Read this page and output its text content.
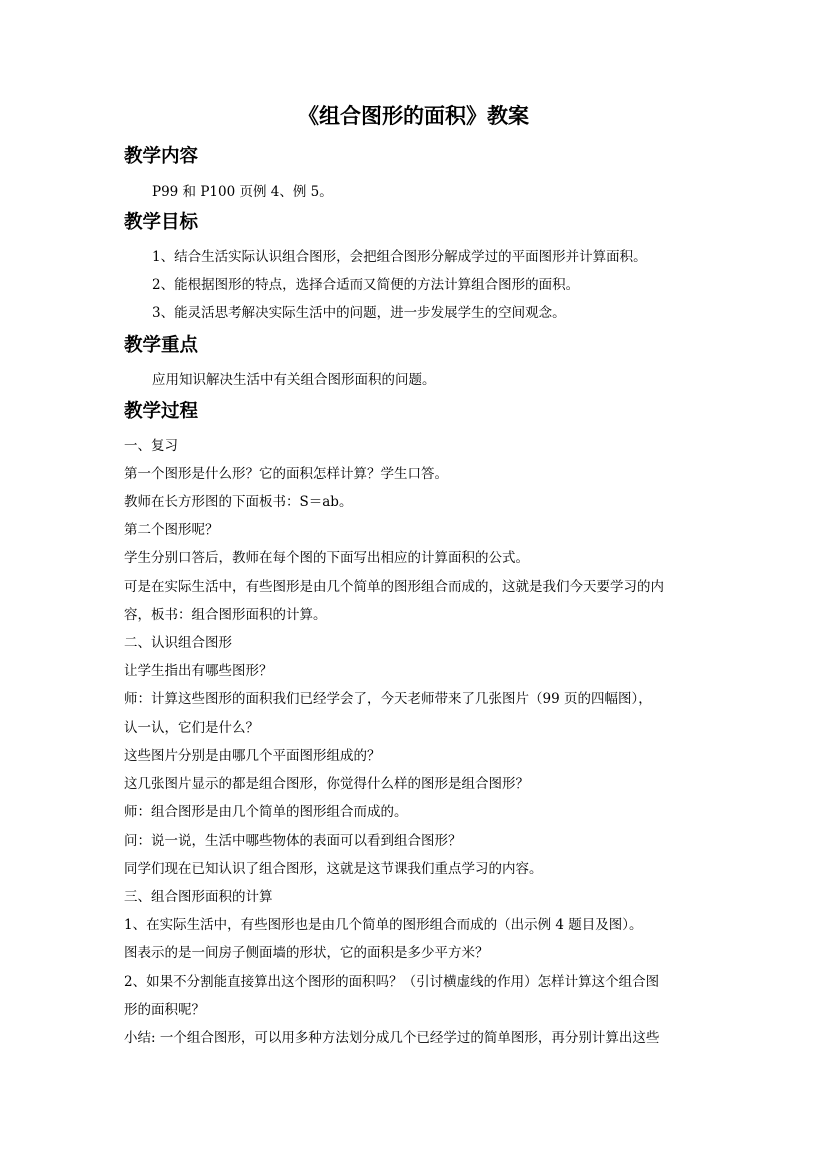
《组合图形的面积》教案
教学内容
P99 和 P100 页例 4、例 5。
教学目标
1、结合生活实际认识组合图形，会把组合图形分解成学过的平面图形并计算面积。
2、能根据图形的特点，选择合适而又简便的方法计算组合图形的面积。
3、能灵活思考解决实际生活中的问题，进一步发展学生的空间观念。
教学重点
应用知识解决生活中有关组合图形面积的问题。
教学过程
一、复习
第一个图形是什么形？它的面积怎样计算？学生口答。
教师在长方形图的下面板书：S＝ab。
第二个图形呢？
学生分别口答后，教师在每个图的下面写出相应的计算面积的公式。
可是在实际生活中，有些图形是由几个简单的图形组合而成的，这就是我们今天要学习的内
容，板书：组合图形面积的计算。
二、认识组合图形
让学生指出有哪些图形？
师：计算这些图形的面积我们已经学会了，今天老师带来了几张图片（99 页的四幅图），
认一认，它们是什么？
这些图片分别是由哪几个平面图形组成的？
这几张图片显示的都是组合图形，你觉得什么样的图形是组合图形？
师：组合图形是由几个简单的图形组合而成的。
问：说一说，生活中哪些物体的表面可以看到组合图形？
同学们现在已知认识了组合图形，这就是这节课我们重点学习的内容。
三、组合图形面积的计算
1、在实际生活中，有些图形也是由几个简单的图形组合而成的（出示例 4 题目及图）。
图表示的是一间房子侧面墙的形状，它的面积是多少平方米？
2、如果不分割能直接算出这个图形的面积吗？（引讨横虚线的作用）怎样计算这个组合图
形的面积呢？
小结: 一个组合图形，可以用多种方法划分成几个已经学过的简单图形，再分别计算出这些
